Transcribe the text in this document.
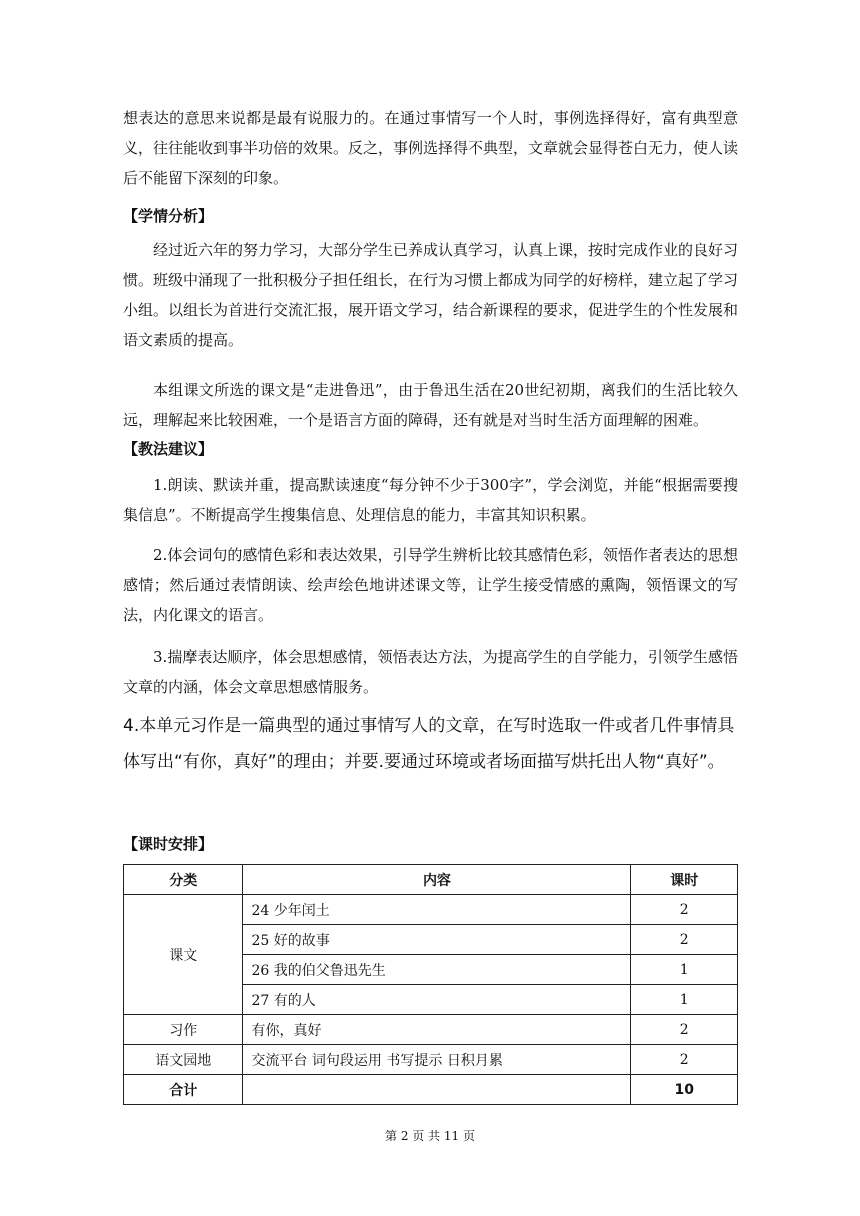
想表达的意思来说都是最有说服力的。在通过事情写一个人时，事例选择得好，富有典型意义，往往能收到事半功倍的效果。反之，事例选择得不典型，文章就会显得苍白无力，使人读后不能留下深刻的印象。

【学情分析】

经过近六年的努力学习，大部分学生已养成认真学习，认真上课，按时完成作业的良好习惯。班级中涌现了一批积极分子担任组长，在行为习惯上都成为同学的好榜样，建立起了学习小组。以组长为首进行交流汇报，展开语文学习，结合新课程的要求，促进学生的个性发展和语文素质的提高。

本组课文所选的课文是“走进鲁迅”，由于鲁迅生活在20世纪初期，离我们的生活比较久远，理解起来比较困难，一个是语言方面的障碍，还有就是对当时生活方面理解的困难。

【教法建议】

1.朗读、默读并重，提高默读速度“每分钟不少于300字”，学会浏览，并能“根据需要搜集信息”。不断提高学生搜集信息、处理信息的能力，丰富其知识积累。

2.体会词句的感情色彩和表达效果，引导学生辨析比较其感情色彩，领悟作者表达的思想感情；然后通过表情朗读、绘声绘色地讲述课文等，让学生接受情感的熏陶，领悟课文的写法，内化课文的语言。

3.揣摩表达顺序，体会思想感情，领悟表达方法，为提高学生的自学能力，引领学生感悟文章的内涵，体会文章思想感情服务。

4.本单元习作是一篇典型的通过事情写人的文章，在写时选取一件或者几件事情具体写出“有你，真好”的理由；并要.要通过环境或者场面描写烘托出人物“真好”。

【课时安排】
分类	内容	课时
课文	24 少年闰土	2
	25 好的故事	2
	26 我的伯父鲁迅先生	1
	27 有的人	1
习作	有你，真好	2
语文园地	交流平台 词句段运用 书写提示 日积月累	2
合计		10
第 2 页 共 11 页
